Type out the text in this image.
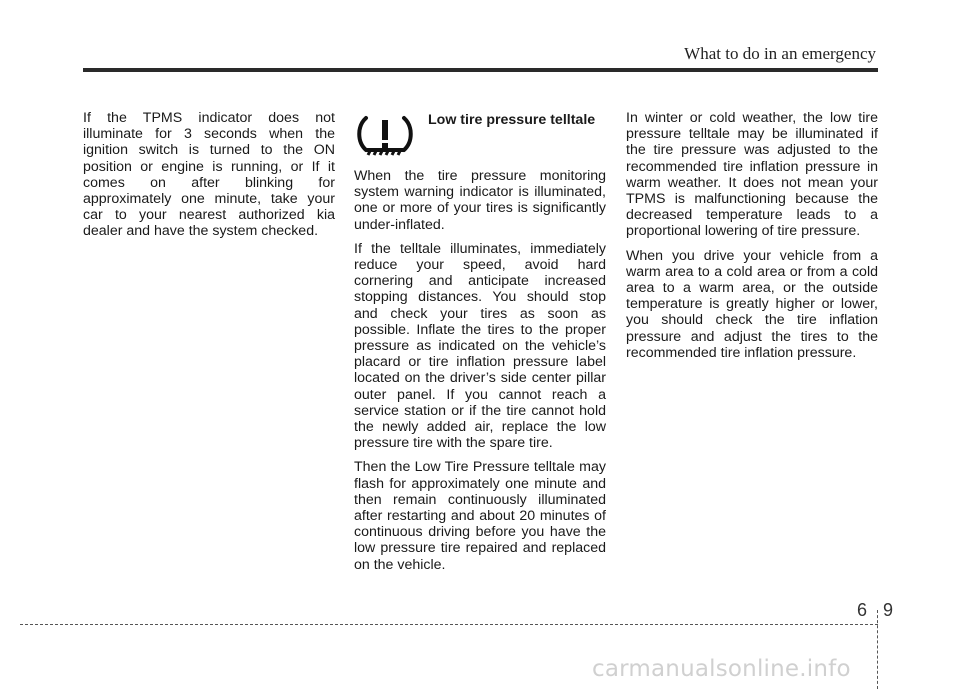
What to do in an emergency

If the TPMS indicator does not illuminate for 3 seconds when the ignition switch is turned to the ON position or engine is running, or If it comes on after blinking for approximately one minute, take your car to your nearest authorized kia dealer and have the system checked.

Low tire pressure telltale

When the tire pressure monitoring system warning indicator is illuminated, one or more of your tires is significantly under-inflated.

If the telltale illuminates, immediately reduce your speed, avoid hard cornering and anticipate increased stopping distances. You should stop and check your tires as soon as possible. Inflate the tires to the proper pressure as indicated on the vehicle’s placard or tire inflation pressure label located on the driver’s side center pillar outer panel. If you cannot reach a service station or if the tire cannot hold the newly added air, replace the low pressure tire with the spare tire.

Then the Low Tire Pressure telltale may flash for approximately one minute and then remain continuously illuminated after restarting and about 20 minutes of continuous driving before you have the low pressure tire repaired and replaced on the vehicle.

In winter or cold weather, the low tire pressure telltale may be illuminated if the tire pressure was adjusted to the recommended tire inflation pressure in warm weather. It does not mean your TPMS is malfunctioning because the decreased temperature leads to a proportional lowering of tire pressure.

When you drive your vehicle from a warm area to a cold area or from a cold area to a warm area, or the outside temperature is greatly higher or lower, you should check the tire inflation pressure and adjust the tires to the recommended tire inflation pressure.

6 9
carmanualsonline.info
